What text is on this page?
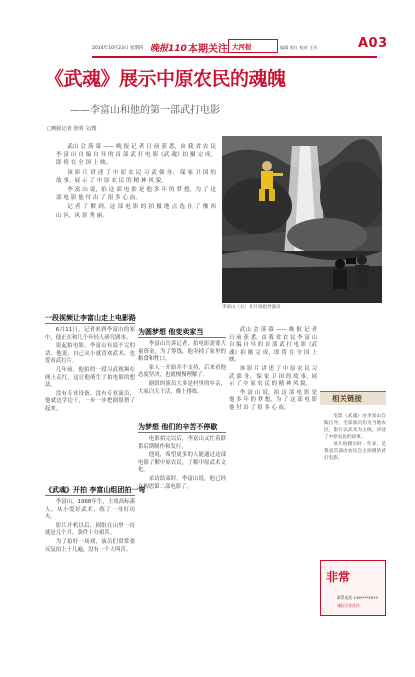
2014年10月23日 星期四 晚报110 本期关注 大河报	编辑 张红 校对 王芳	A03
《武魂》展示中原农民的魂魄
——李富山和他的第一部武打电影
□晚报记者 张明 文/图

武山 会 落 幕 —— 晚 报 记 者 日 前 获 悉，由 我 省 农 民 李 富 山 自 编 自 导 的 首 部 武 打 电 影《武 魂》拍 摄 完 成，即 将 在 全 国 上 映。

该 影 片 讲 述 了 中 原 农 民 习 武 强 身、 保 家 卫 国 的 故 事，展 示 了 中 原 农 民 的 精 神 风 貌。

李 富 山 说，拍 这 部 电 影 是 他 多 年 的 梦 想，为 了 这 部 电 影 他 付 出 了 很 多 心 血。

记 者 了 解 到，这 部 电 影 的 拍 摄 地 点 选 在 了 豫 西 山 区，风 景 秀 丽。

李富山（右）在片场指导演员
一段视频让李富山走上电影路

6月11日，记者来到李富山的家中，他正在和几个年轻人研究剧本。

说起拍电影，李富山有说不完的话。他说，自己从小就喜欢武术，也爱看武打片。

几年前，他拍的一段习武视频在网上走红，这让他萌生了拍电影的想法。

没有专业设备，没有专业演员，他就边学边干，一步一步把剧组搭了起来。

为圆梦想 他变卖家当

李富山告诉记者，拍电影需要大量资金，为了筹钱，他卖掉了家里的粮食和牲口。

家人一开始并不支持，后来看他态度坚决，也就慢慢理解了。

剧组的演员大多是村里的乡亲，大家白天干活，晚上排练。

《武魂》开拍 李富山组团拍一弯

李富山，1968年生，主攻高标溪人。从小爱好武术，练了一身好功夫。

影片开机以后，剧组在山里一待就是几个月，条件十分艰苦。

为了拍好一场戏，演员们常常要反复拍上十几遍，没有一个人叫苦。

为梦想 他们的辛苦不停歇

电影拍完以后，李富山又忙着联系后期制作和发行。

他说，希望更多的人能通过这部电影了解中原农民，了解中原武术文化。

采访结束时，李富山说，他已经在构思第二部电影了。

武山 会 落 幕 —— 晚 报 记 者 日 前 获 悉，由 我 省 农 民 李 富 山 自 编 自 导 的 首 部 武 打 电 影《武 魂》拍 摄 完 成，即 将 在 全 国 上 映。

该 影 片 讲 述 了 中 原 农 民 习 武 强 身、 保 家 卫 国 的 故 事，展 示 了 中 原 农 民 的 精 神 风 貌。

李 富 山 说，拍 这 部 电 影 是 他 多 年 的 梦 想，为 了 这 部 电 影 他 付 出 了 很 多 心 血。

相关链接

电影《武魂》由李富山自编自导，全部演员均为当地农民，影片以武术为主线，讲述了中原农民的故事。

该片拍摄历时一年多，是我省首部由农民自主拍摄的武打电影。

非常
联系电话 138****5670
诚招合作伙伴
